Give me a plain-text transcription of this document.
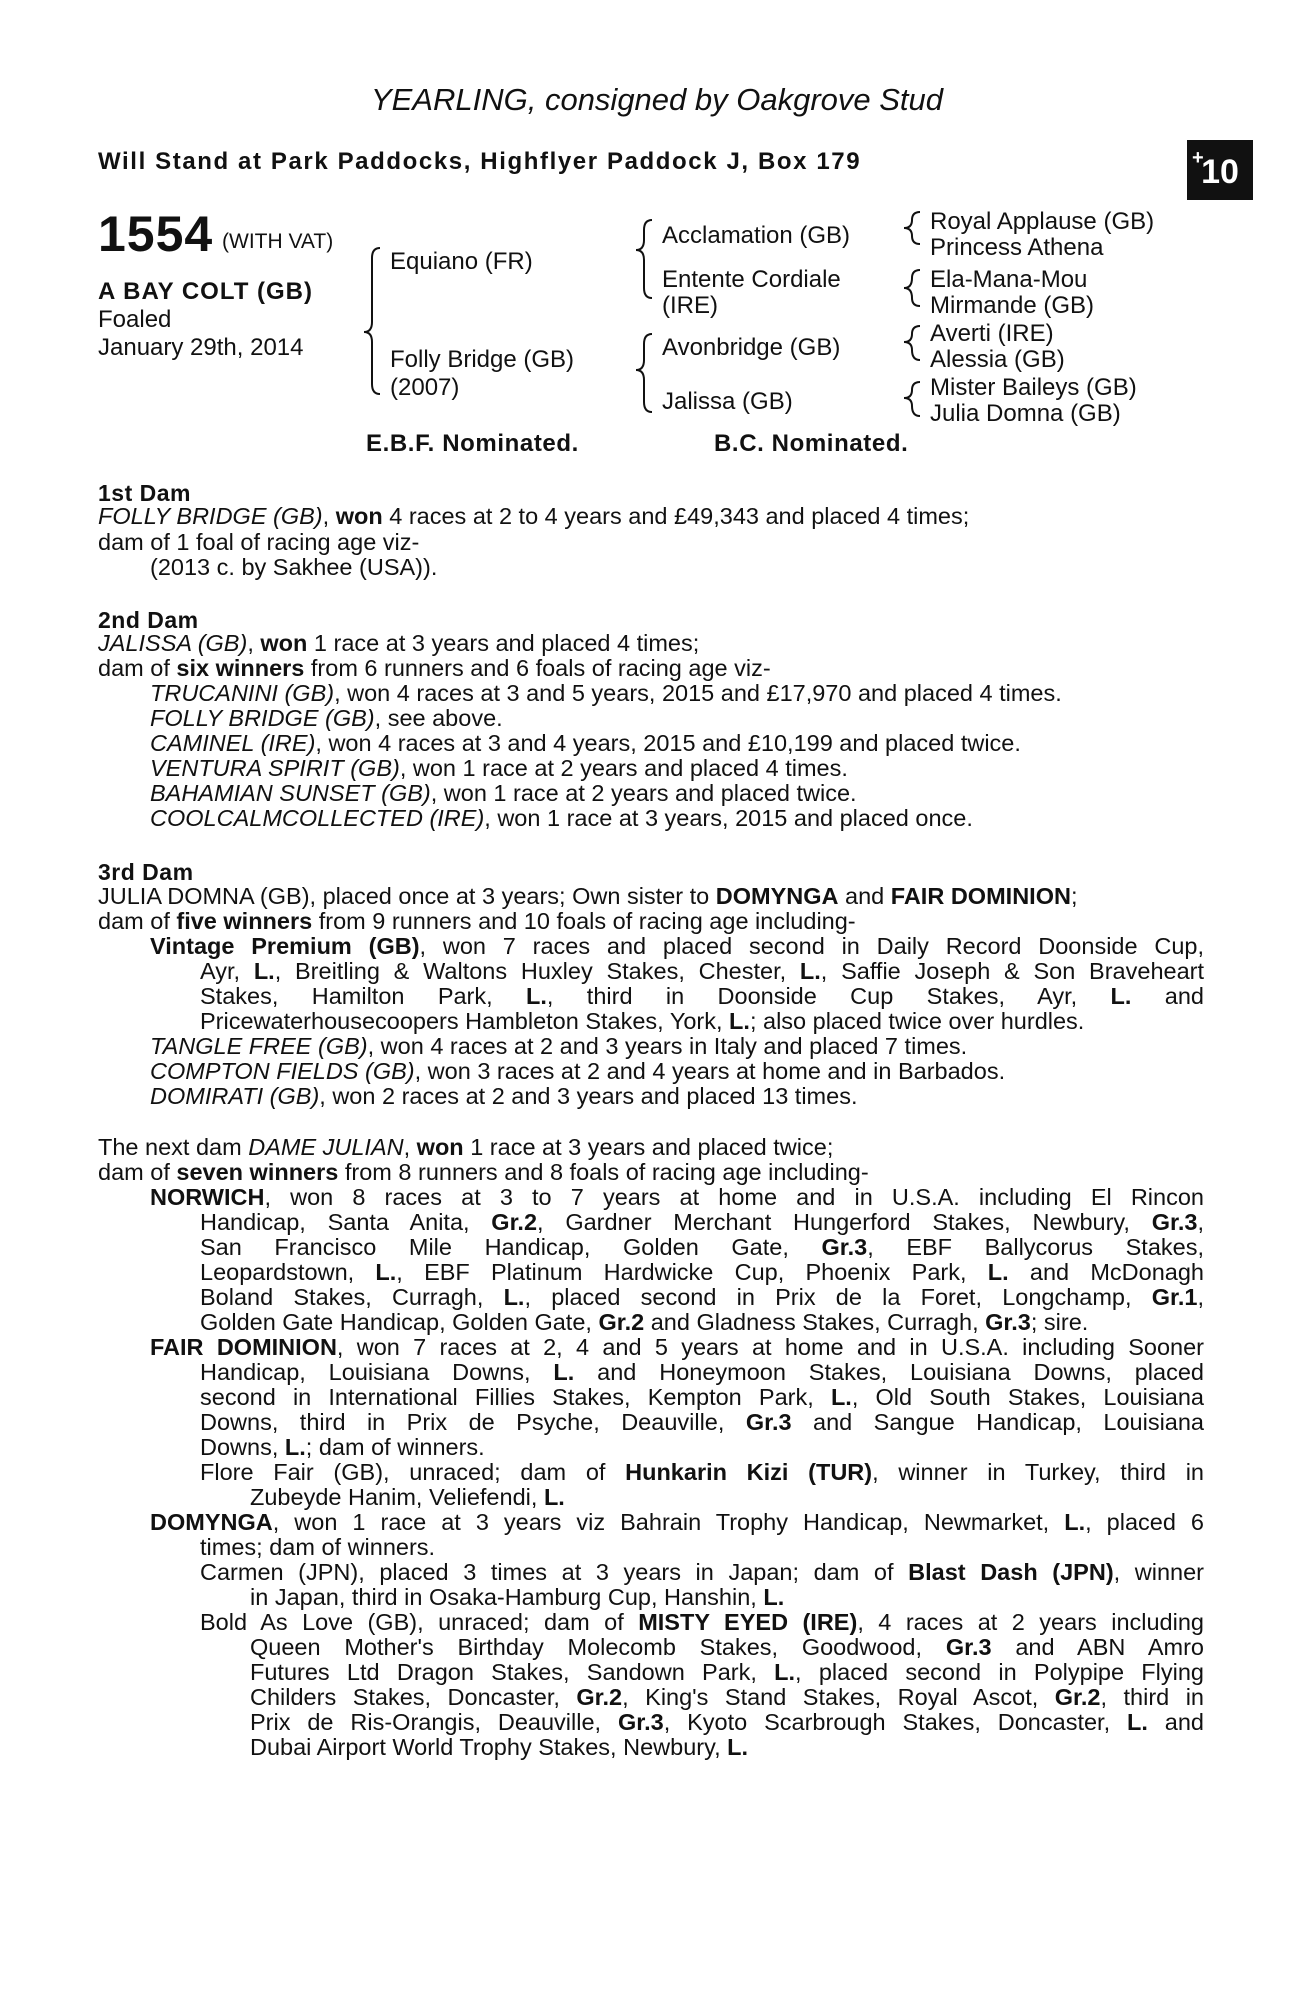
YEARLING, consigned by Oakgrove Stud
Will Stand at Park Paddocks, Highflyer Paddock J, Box 179	+
10
1554 (WITH VAT)
A BAY COLT (GB)
Foaled
January 29th, 2014
Equiano (FR)
Folly Bridge (GB)
(2007)
Acclamation (GB)
Entente Cordiale
(IRE)
Avonbridge (GB)
Jalissa (GB)
Royal Applause (GB)
Princess Athena
Ela-Mana-Mou
Mirmande (GB)
Averti (IRE)
Alessia (GB)
Mister Baileys (GB)
Julia Domna (GB)
E.B.F. Nominated.	B.C. Nominated.
1st Dam
FOLLY BRIDGE (GB), won 4 races at 2 to 4 years and £49,343 and placed 4 times;
dam of 1 foal of racing age viz-
(2013 c. by Sakhee (USA)).
2nd Dam
JALISSA (GB), won 1 race at 3 years and placed 4 times;
dam of six winners from 6 runners and 6 foals of racing age viz-
TRUCANINI (GB), won 4 races at 3 and 5 years, 2015 and £17,970 and placed 4 times.
FOLLY BRIDGE (GB), see above.
CAMINEL (IRE), won 4 races at 3 and 4 years, 2015 and £10,199 and placed twice.
VENTURA SPIRIT (GB), won 1 race at 2 years and placed 4 times.
BAHAMIAN SUNSET (GB), won 1 race at 2 years and placed twice.
COOLCALMCOLLECTED (IRE), won 1 race at 3 years, 2015 and placed once.
3rd Dam
JULIA DOMNA (GB), placed once at 3 years; Own sister to DOMYNGA and FAIR DOMINION;
dam of five winners from 9 runners and 10 foals of racing age including-
Vintage Premium (GB), won 7 races and placed second in Daily Record Doonside Cup,
Ayr, L., Breitling & Waltons Huxley Stakes, Chester, L., Saffie Joseph & Son Braveheart
Stakes, Hamilton Park, L., third in Doonside Cup Stakes, Ayr, L. and
Pricewaterhousecoopers Hambleton Stakes, York, L.; also placed twice over hurdles.
TANGLE FREE (GB), won 4 races at 2 and 3 years in Italy and placed 7 times.
COMPTON FIELDS (GB), won 3 races at 2 and 4 years at home and in Barbados.
DOMIRATI (GB), won 2 races at 2 and 3 years and placed 13 times.
The next dam DAME JULIAN, won 1 race at 3 years and placed twice;
dam of seven winners from 8 runners and 8 foals of racing age including-
NORWICH, won 8 races at 3 to 7 years at home and in U.S.A. including El Rincon
Handicap, Santa Anita, Gr.2, Gardner Merchant Hungerford Stakes, Newbury, Gr.3,
San Francisco Mile Handicap, Golden Gate, Gr.3, EBF Ballycorus Stakes,
Leopardstown, L., EBF Platinum Hardwicke Cup, Phoenix Park, L. and McDonagh
Boland Stakes, Curragh, L., placed second in Prix de la Foret, Longchamp, Gr.1,
Golden Gate Handicap, Golden Gate, Gr.2 and Gladness Stakes, Curragh, Gr.3; sire.
FAIR DOMINION, won 7 races at 2, 4 and 5 years at home and in U.S.A. including Sooner
Handicap, Louisiana Downs, L. and Honeymoon Stakes, Louisiana Downs, placed
second in International Fillies Stakes, Kempton Park, L., Old South Stakes, Louisiana
Downs, third in Prix de Psyche, Deauville, Gr.3 and Sangue Handicap, Louisiana
Downs, L.; dam of winners.
Flore Fair (GB), unraced; dam of Hunkarin Kizi (TUR), winner in Turkey, third in
Zubeyde Hanim, Veliefendi, L.
DOMYNGA, won 1 race at 3 years viz Bahrain Trophy Handicap, Newmarket, L., placed 6
times; dam of winners.
Carmen (JPN), placed 3 times at 3 years in Japan; dam of Blast Dash (JPN), winner
in Japan, third in Osaka-Hamburg Cup, Hanshin, L.
Bold As Love (GB), unraced; dam of MISTY EYED (IRE), 4 races at 2 years including
Queen Mother's Birthday Molecomb Stakes, Goodwood, Gr.3 and ABN Amro
Futures Ltd Dragon Stakes, Sandown Park, L., placed second in Polypipe Flying
Childers Stakes, Doncaster, Gr.2, King's Stand Stakes, Royal Ascot, Gr.2, third in
Prix de Ris-Orangis, Deauville, Gr.3, Kyoto Scarbrough Stakes, Doncaster, L. and
Dubai Airport World Trophy Stakes, Newbury, L.
